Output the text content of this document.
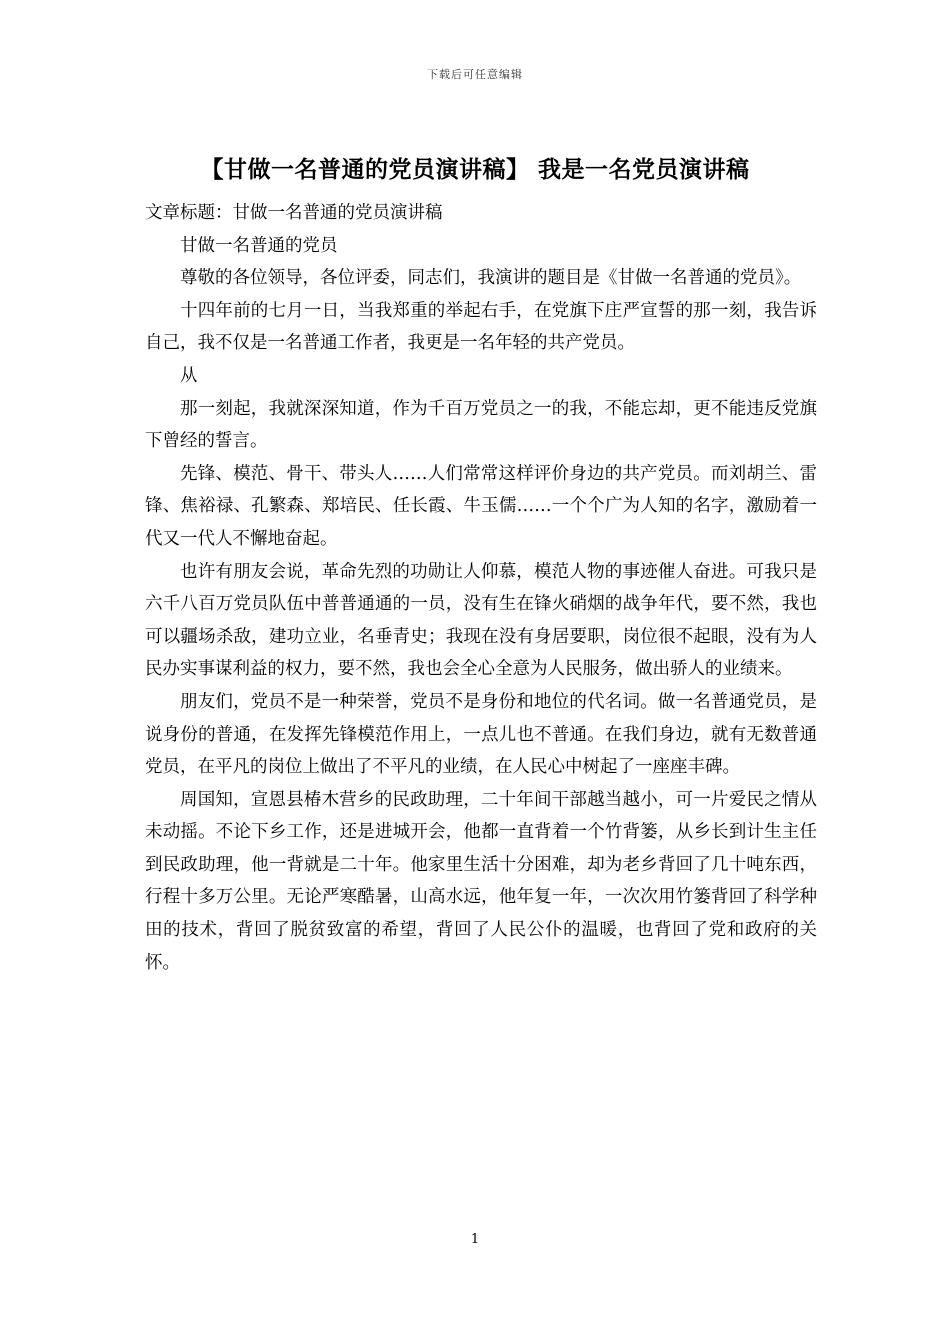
下载后可任意编辑
【甘做一名普通的党员演讲稿】 我是一名党员演讲稿

文章标题：甘做一名普通的党员演讲稿

甘做一名普通的党员

尊敬的各位领导，各位评委，同志们，我演讲的题目是《甘做一名普通的党员》。

十四年前的七月一日，当我郑重的举起右手，在党旗下庄严宣誓的那一刻，我告诉自己，我不仅是一名普通工作者，我更是一名年轻的共产党员。

从

那一刻起，我就深深知道，作为千百万党员之一的我，不能忘却，更不能违反党旗下曾经的誓言。

先锋、模范、骨干、带头人……人们常常这样评价身边的共产党员。而刘胡兰、雷锋、焦裕禄、孔繁森、郑培民、任长霞、牛玉儒……一个个广为人知的名字，激励着一代又一代人不懈地奋起。

也许有朋友会说，革命先烈的功勋让人仰慕，模范人物的事迹催人奋进。可我只是六千八百万党员队伍中普普通通的一员，没有生在锋火硝烟的战争年代，要不然，我也可以疆场杀敌，建功立业，名垂青史；我现在没有身居要职，岗位很不起眼，没有为人民办实事谋利益的权力，要不然，我也会全心全意为人民服务，做出骄人的业绩来。

朋友们，党员不是一种荣誉，党员不是身份和地位的代名词。做一名普通党员，是说身份的普通，在发挥先锋模范作用上，一点儿也不普通。在我们身边，就有无数普通党员，在平凡的岗位上做出了不平凡的业绩，在人民心中树起了一座座丰碑。

周国知，宣恩县椿木营乡的民政助理，二十年间干部越当越小，可一片爱民之情从未动摇。不论下乡工作，还是进城开会，他都一直背着一个竹背篓，从乡长到计生主任到民政助理，他一背就是二十年。他家里生活十分困难，却为老乡背回了几十吨东西，行程十多万公里。无论严寒酷暑，山高水远，他年复一年，一次次用竹篓背回了科学种田的技术，背回了脱贫致富的希望，背回了人民公仆的温暖，也背回了党和政府的关怀。

1
